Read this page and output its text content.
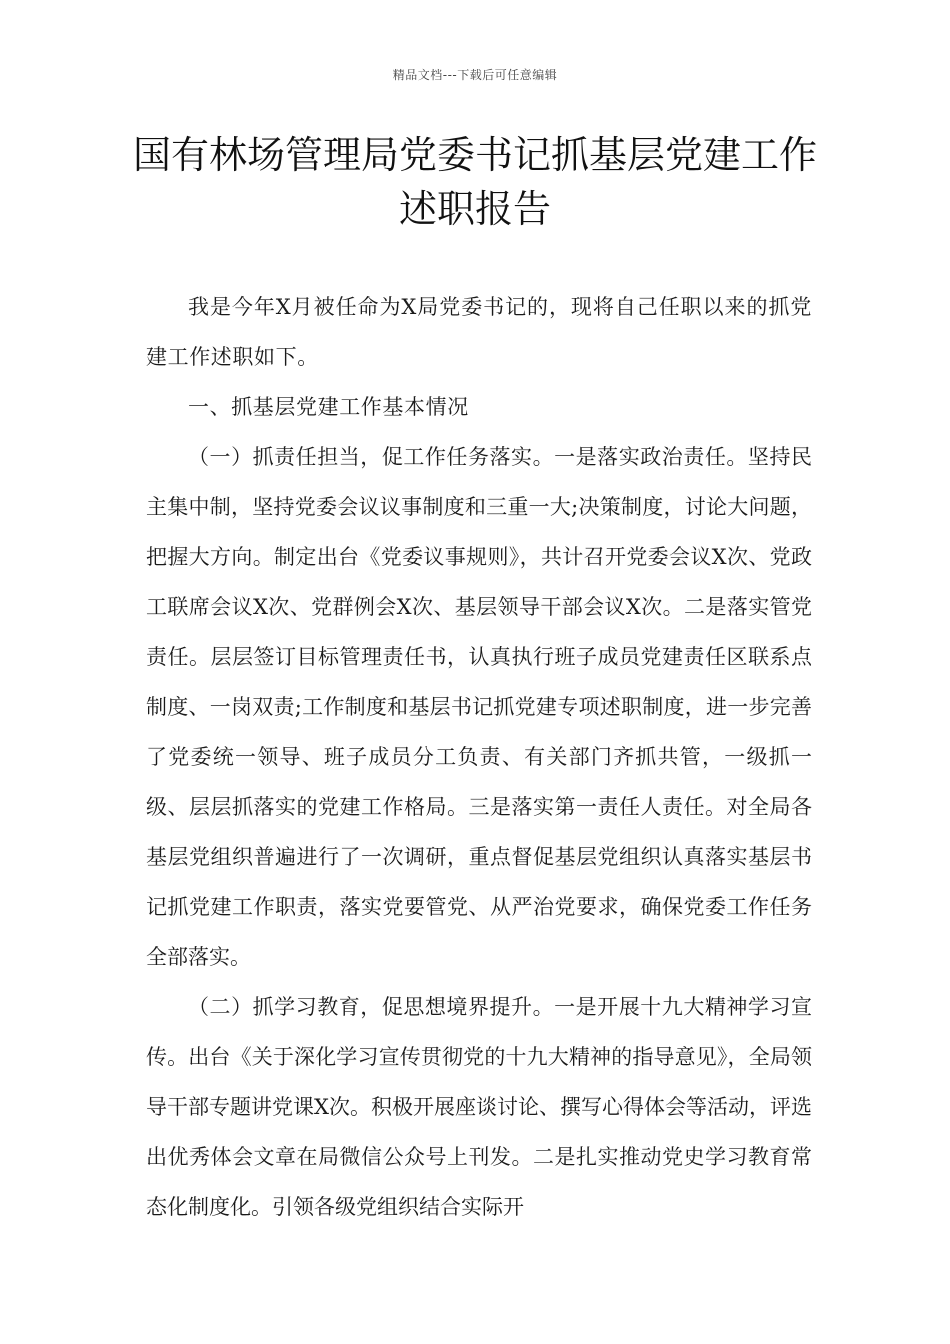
精品文档---下载后可任意编辑
国有林场管理局党委书记抓基层党建工作述职报告

我是今年X月被任命为X局党委书记的，现将自己任职以来的抓党建工作述职如下。

一、抓基层党建工作基本情况

（一）抓责任担当，促工作任务落实。一是落实政治责任。坚持民主集中制，坚持党委会议议事制度和三重一大;决策制度，讨论大问题，把握大方向。制定出台《党委议事规则》，共计召开党委会议X次、党政工联席会议X次、党群例会X次、基层领导干部会议X次。二是落实管党责任。层层签订目标管理责任书，认真执行班子成员党建责任区联系点制度、一岗双责;工作制度和基层书记抓党建专项述职制度，进一步完善了党委统一领导、班子成员分工负责、有关部门齐抓共管，一级抓一级、层层抓落实的党建工作格局。三是落实第一责任人责任。对全局各基层党组织普遍进行了一次调研，重点督促基层党组织认真落实基层书记抓党建工作职责，落实党要管党、从严治党要求，确保党委工作任务全部落实。

（二）抓学习教育，促思想境界提升。一是开展十九大精神学习宣传。出台《关于深化学习宣传贯彻党的十九大精神的指导意见》，全局领导干部专题讲党课X次。积极开展座谈讨论、撰写心得体会等活动，评选出优秀体会文章在局微信公众号上刊发。二是扎实推动党史学习教育常态化制度化。引领各级党组织结合实际开
